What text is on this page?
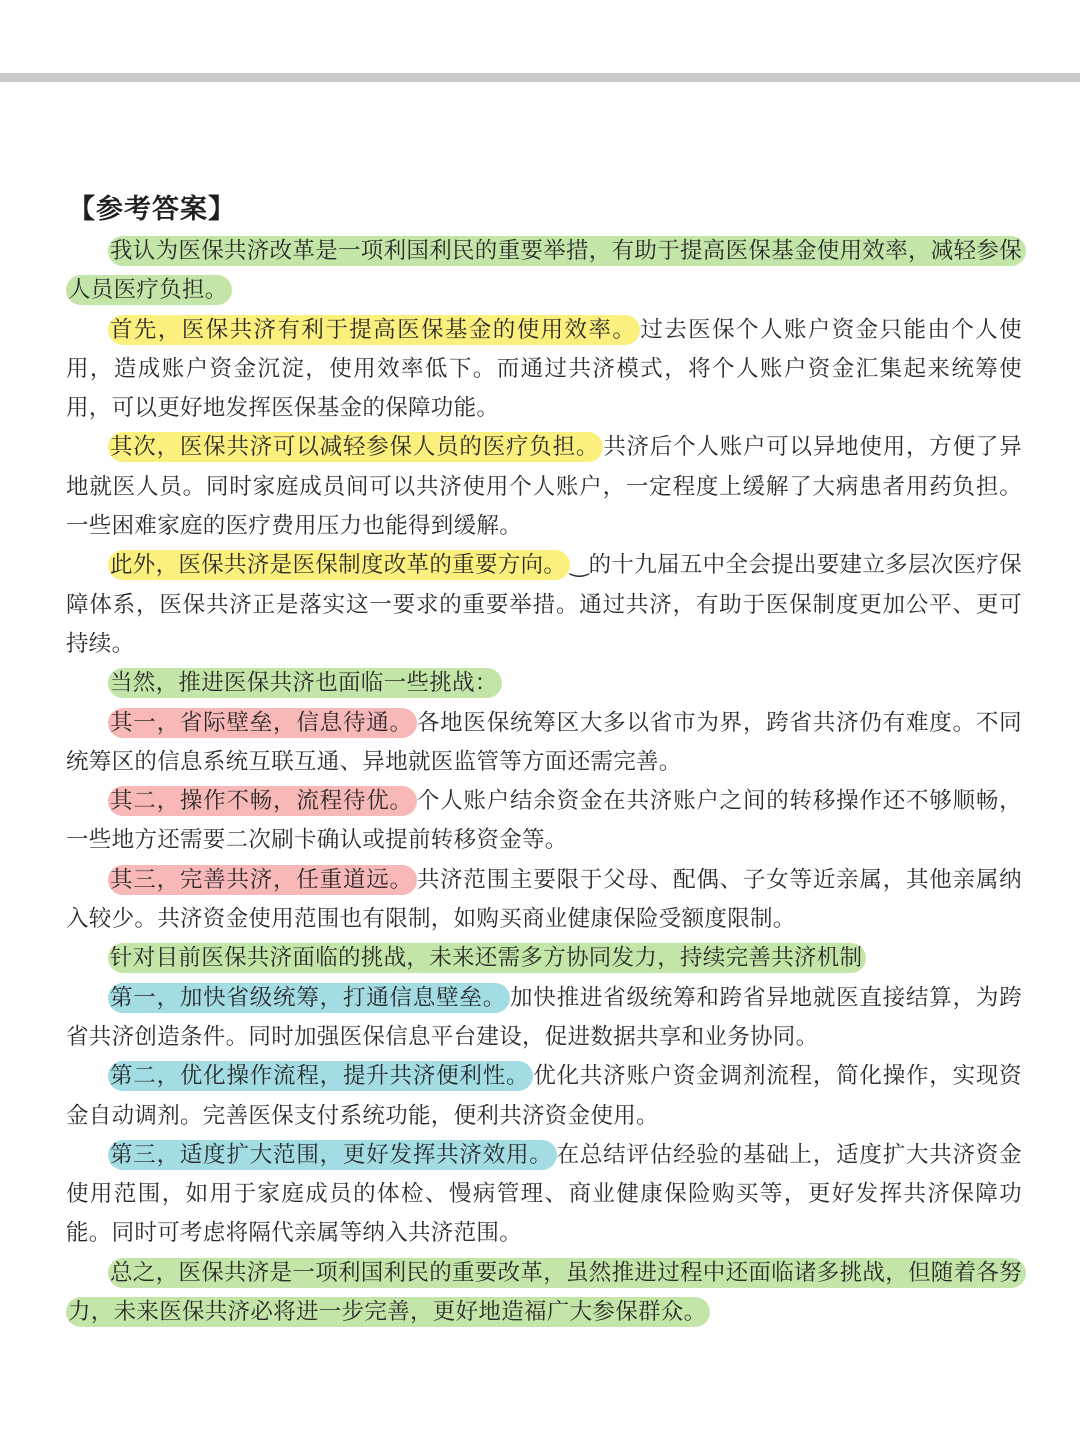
【参考答案】

我认为医保共济改革是一项利国利民的重要举措，有助于提高医保基金使用效率，减轻参保人员医疗负担。

首先，医保共济有利于提高医保基金的使用效率。 过去医保个人账户资金只能由个人使用，造成账户资金沉淀，使用效率低下。而通过共济模式，将个人账户资金汇集起来统筹使用，可以更好地发挥医保基金的保障功能。

其次，医保共济可以减轻参保人员的医疗负担。 共济后个人账户可以异地使用，方便了异地就医人员。同时家庭成员间可以共济使用个人账户，一定程度上缓解了大病患者用药负担。一些困难家庭的医疗费用压力也能得到缓解。

此外，医保共济是医保制度改革的重要方向。 ‿的十九届五中全会提出要建立多层次医疗保障体系，医保共济正是落实这一要求的重要举措。通过共济，有助于医保制度更加公平、更可持续。

当然，推进医保共济也面临一些挑战：

其一，省际壁垒，信息待通。 各地医保统筹区大多以省市为界，跨省共济仍有难度。不同统筹区的信息系统互联互通、异地就医监管等方面还需完善。

其二，操作不畅，流程待优。 个人账户结余资金在共济账户之间的转移操作还不够顺畅，一些地方还需要二次刷卡确认或提前转移资金等。

其三，完善共济，任重道远。 共济范围主要限于父母、配偶、子女等近亲属，其他亲属纳入较少。共济资金使用范围也有限制，如购买商业健康保险受额度限制。

针对目前医保共济面临的挑战，未来还需多方协同发力，持续完善共济机制

第一，加快省级统筹，打通信息壁垒。 加快推进省级统筹和跨省异地就医直接结算，为跨省共济创造条件。同时加强医保信息平台建设，促进数据共享和业务协同。

第二，优化操作流程，提升共济便利性。 优化共济账户资金调剂流程，简化操作，实现资金自动调剂。完善医保支付系统功能，便利共济资金使用。

第三，适度扩大范围，更好发挥共济效用。 在总结评估经验的基础上，适度扩大共济资金使用范围，如用于家庭成员的体检、慢病管理、商业健康保险购买等，更好发挥共济保障功能。同时可考虑将隔代亲属等纳入共济范围。

总之，医保共济是一项利国利民的重要改革，虽然推进过程中还面临诸多挑战，但随着各努力，未来医保共济必将进一步完善，更好地造福广大参保群众。
